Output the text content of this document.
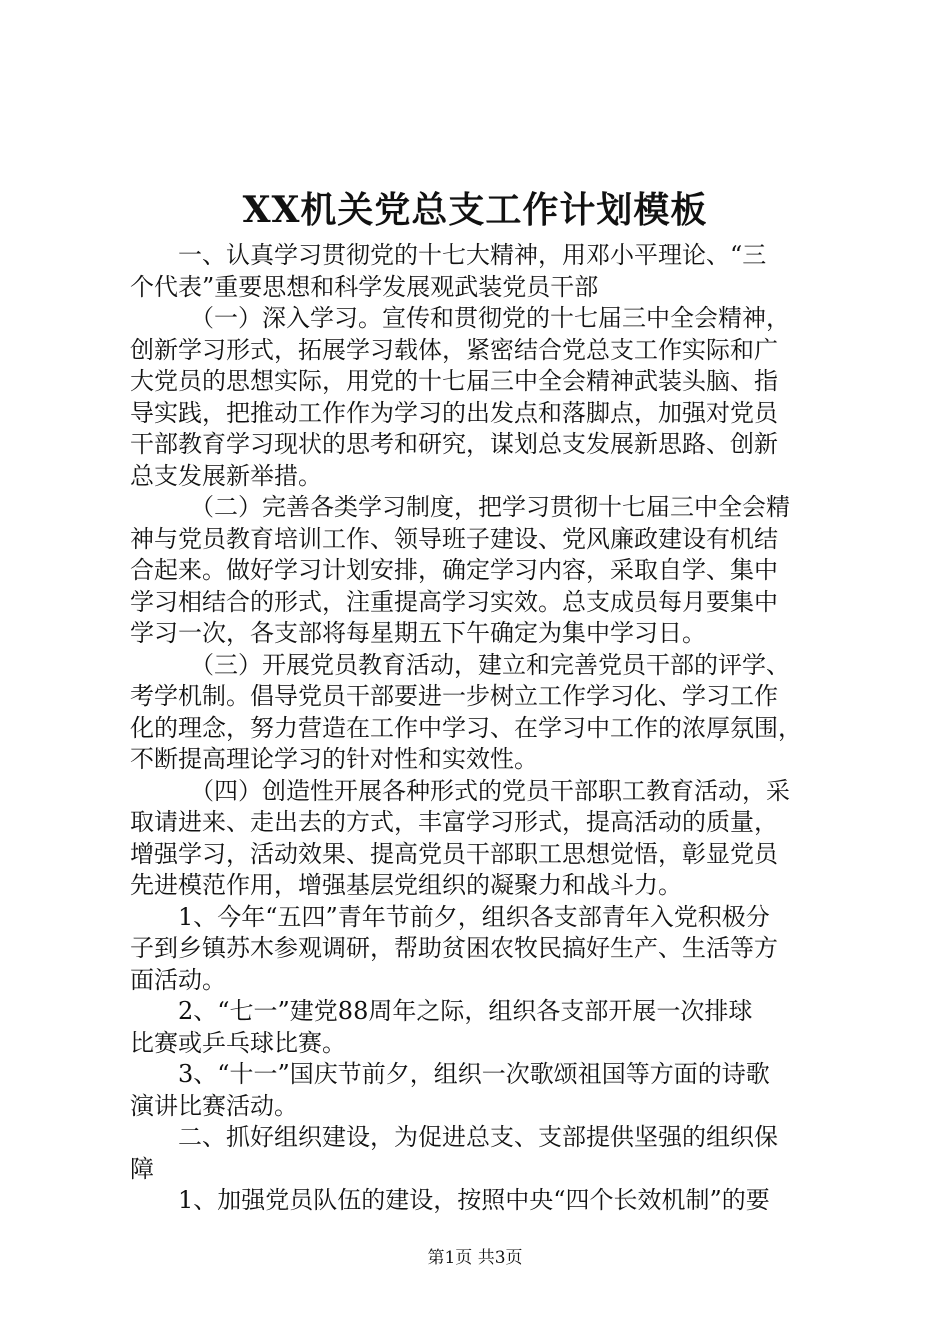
XX机关党总支工作计划模板
一、认真学习贯彻党的十七大精神，用邓小平理论、“三
个代表”重要思想和科学发展观武装党员干部
（一）深入学习。宣传和贯彻党的十七届三中全会精神，
创新学习形式，拓展学习载体，紧密结合党总支工作实际和广
大党员的思想实际，用党的十七届三中全会精神武装头脑、指
导实践，把推动工作作为学习的出发点和落脚点，加强对党员
干部教育学习现状的思考和研究，谋划总支发展新思路、创新
总支发展新举措。
（二）完善各类学习制度，把学习贯彻十七届三中全会精
神与党员教育培训工作、领导班子建设、党风廉政建设有机结
合起来。做好学习计划安排，确定学习内容，采取自学、集中
学习相结合的形式，注重提高学习实效。总支成员每月要集中
学习一次，各支部将每星期五下午确定为集中学习日。
（三）开展党员教育活动，建立和完善党员干部的评学、
考学机制。倡导党员干部要进一步树立工作学习化、学习工作
化的理念，努力营造在工作中学习、在学习中工作的浓厚氛围，
不断提高理论学习的针对性和实效性。
（四）创造性开展各种形式的党员干部职工教育活动，采
取请进来、走出去的方式，丰富学习形式，提高活动的质量，
增强学习，活动效果、提高党员干部职工思想觉悟，彰显党员
先进模范作用，增强基层党组织的凝聚力和战斗力。
1、今年“五四”青年节前夕，组织各支部青年入党积极分
子到乡镇苏木参观调研，帮助贫困农牧民搞好生产、生活等方
面活动。
2、“七一”建党88周年之际，组织各支部开展一次排球
比赛或乒乓球比赛。
3、“十一”国庆节前夕，组织一次歌颂祖国等方面的诗歌
演讲比赛活动。
二、抓好组织建设，为促进总支、支部提供坚强的组织保
障
1、加强党员队伍的建设，按照中央“四个长效机制”的要
第1页 共3页
